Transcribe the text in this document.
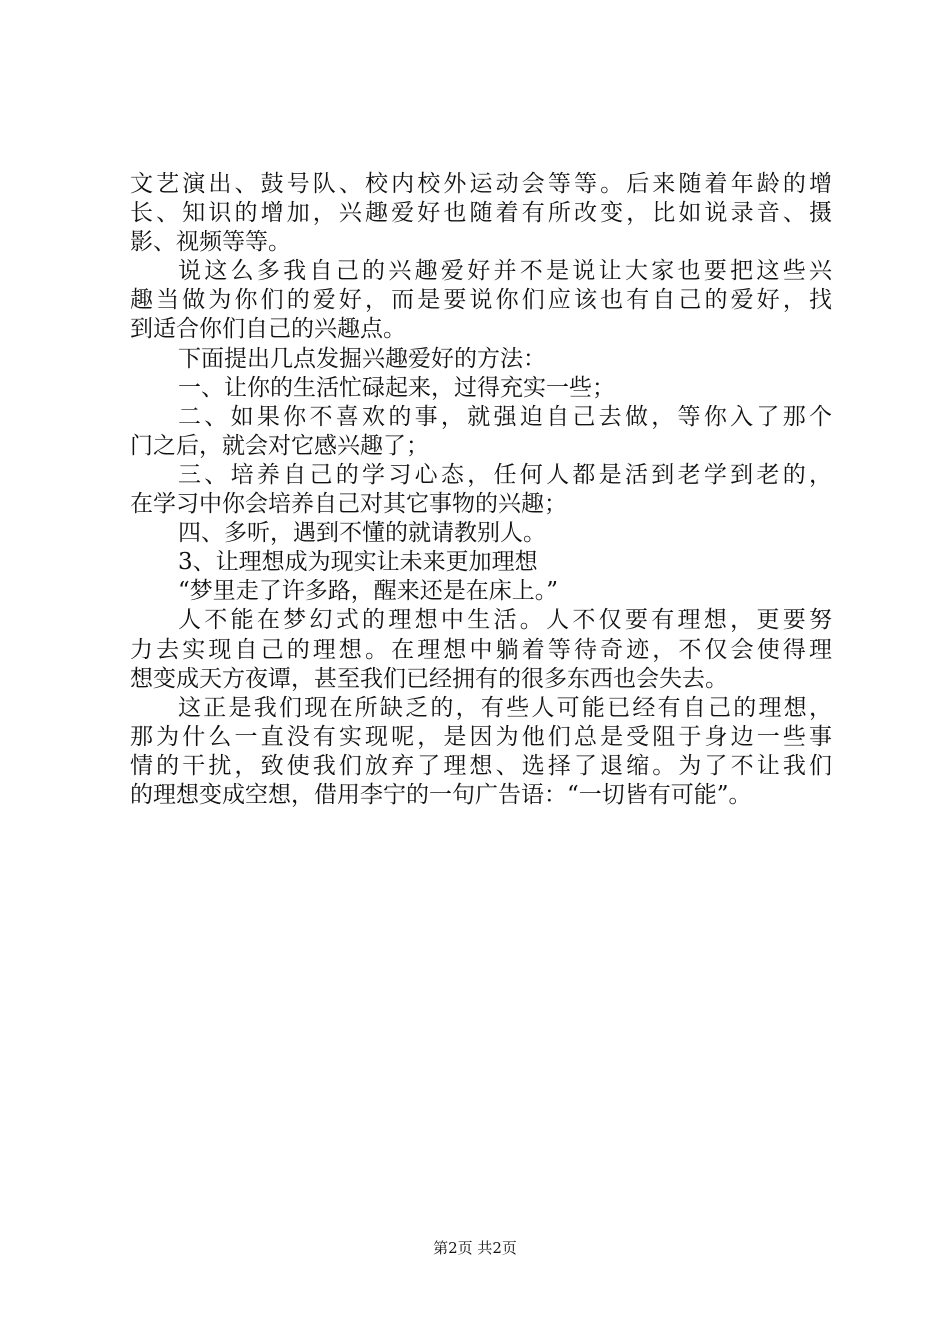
文艺演出、鼓号队、校内校外运动会等等。后来随着年龄的增
长、知识的增加，兴趣爱好也随着有所改变，比如说录音、摄
影、视频等等。
说这么多我自己的兴趣爱好并不是说让大家也要把这些兴
趣当做为你们的爱好，而是要说你们应该也有自己的爱好，找
到适合你们自己的兴趣点。
下面提出几点发掘兴趣爱好的方法：
一、让你的生活忙碌起来，过得充实一些；
二、如果你不喜欢的事，就强迫自己去做，等你入了那个
门之后，就会对它感兴趣了；
三、培养自己的学习心态，任何人都是活到老学到老的，
在学习中你会培养自己对其它事物的兴趣；
四、多听，遇到不懂的就请教别人。
3、让理想成为现实让未来更加理想
“梦里走了许多路，醒来还是在床上。”
人不能在梦幻式的理想中生活。人不仅要有理想，更要努
力去实现自己的理想。在理想中躺着等待奇迹，不仅会使得理
想变成天方夜谭，甚至我们已经拥有的很多东西也会失去。
这正是我们现在所缺乏的，有些人可能已经有自己的理想，
那为什么一直没有实现呢，是因为他们总是受阻于身边一些事
情的干扰，致使我们放弃了理想、选择了退缩。为了不让我们
的理想变成空想，借用李宁的一句广告语：“一切皆有可能”。
第2页 共2页
